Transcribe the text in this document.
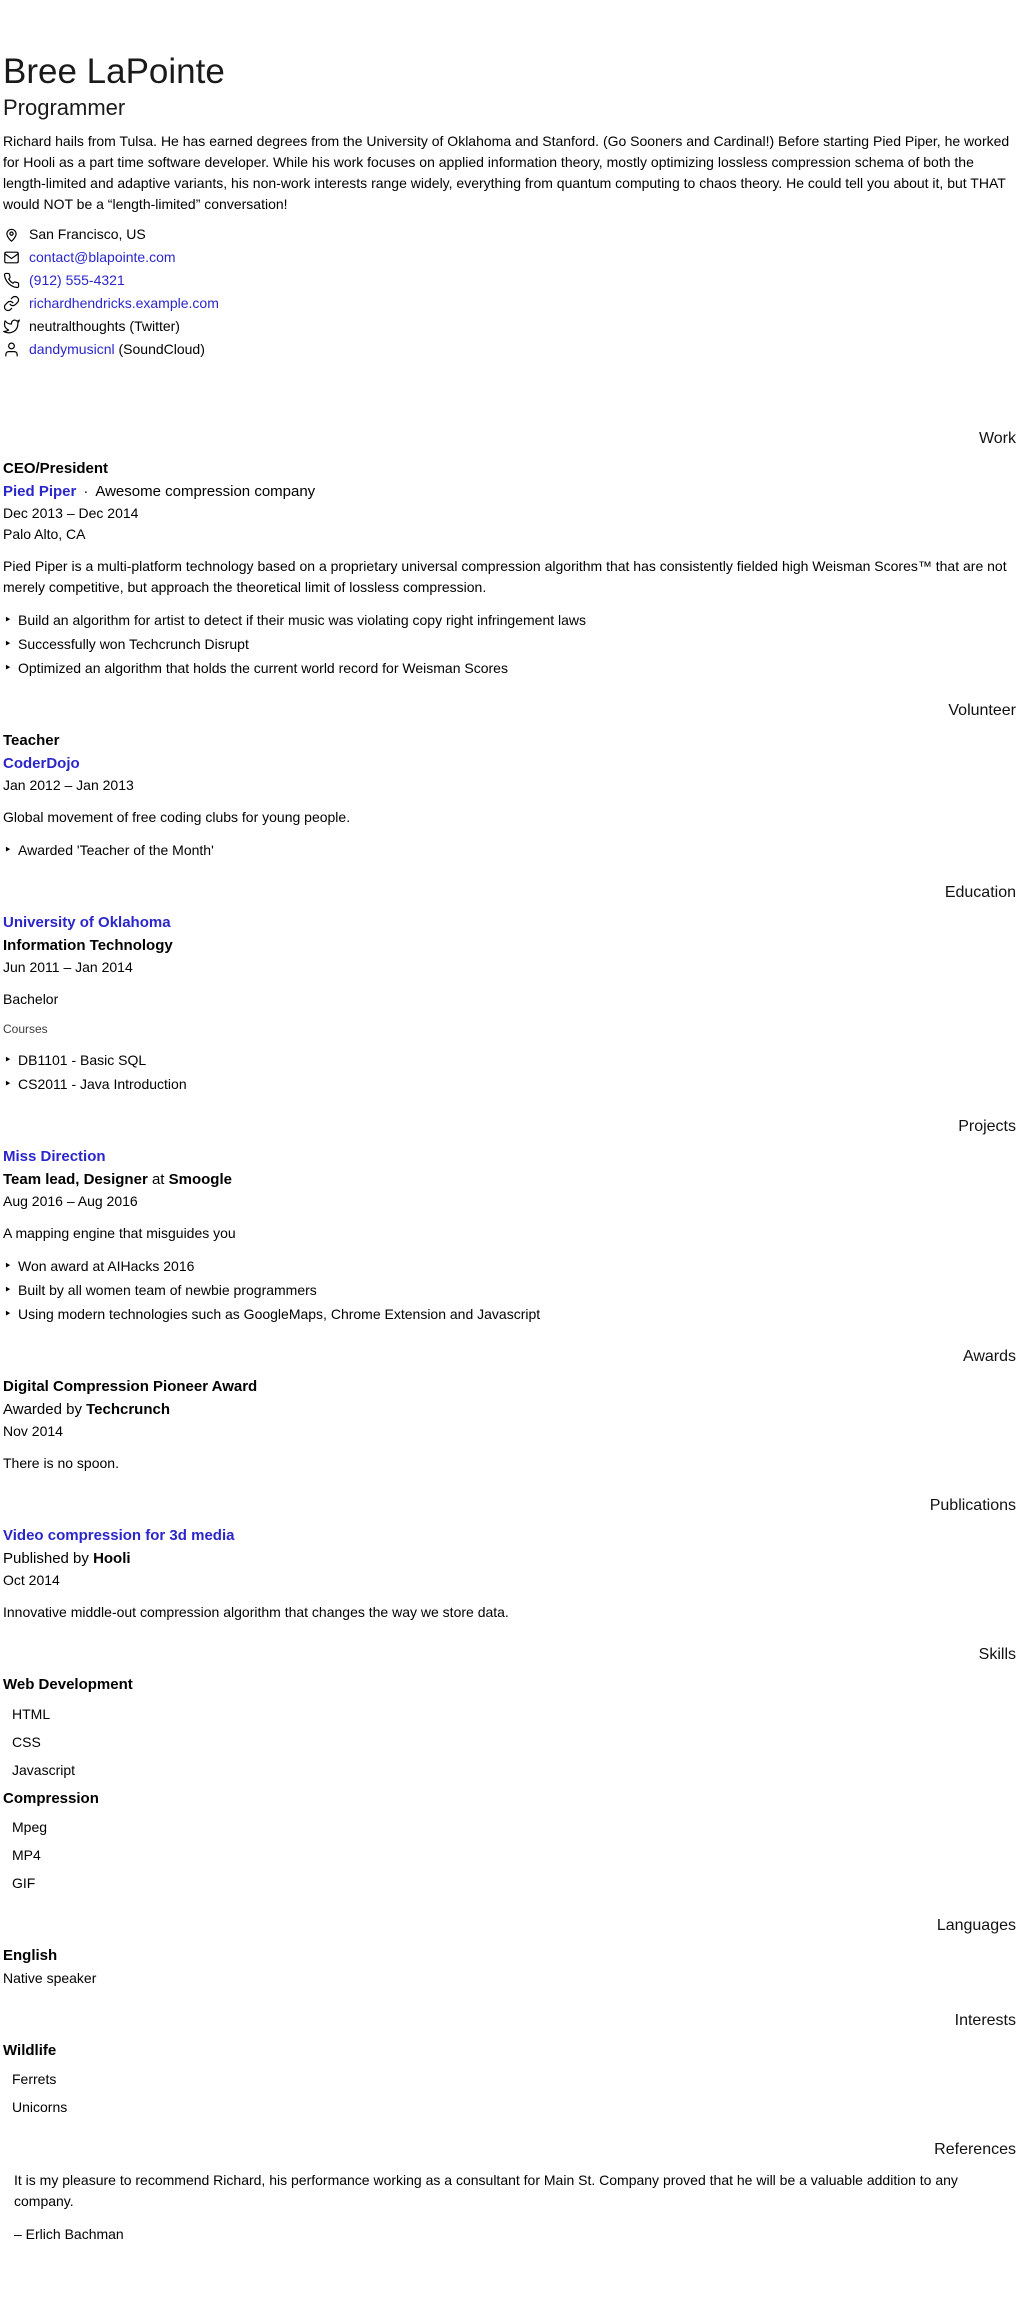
Bree LaPointe
Programmer

Richard hails from Tulsa. He has earned degrees from the University of Oklahoma and Stanford. (Go Sooners and Cardinal!) Before starting Pied Piper, he worked for Hooli as a part time software developer. While his work focuses on applied information theory, mostly optimizing lossless compression schema of both the length-limited and adaptive variants, his non-work interests range widely, everything from quantum computing to chaos theory. He could tell you about it, but THAT would NOT be a “length-limited” conversation!

San Francisco, US
contact@blapointe.com
(912) 555-4321
richardhendricks.example.com
neutralthoughts (Twitter)
dandymusicnl (SoundCloud)
Work
CEO/President
Pied Piper · Awesome compression company
Dec 2013 – Dec 2014
Palo Alto, CA

Pied Piper is a multi-platform technology based on a proprietary universal compression algorithm that has consistently fielded high Weisman Scores™ that are not merely competitive, but approach the theoretical limit of lossless compression.

‣ Build an algorithm for artist to detect if their music was violating copy right infringement laws
‣ Successfully won Techcrunch Disrupt
‣ Optimized an algorithm that holds the current world record for Weisman Scores
Volunteer
Teacher
CoderDojo
Jan 2012 – Jan 2013

Global movement of free coding clubs for young people.

‣ Awarded 'Teacher of the Month'
Education
University of Oklahoma
Information Technology
Jun 2011 – Jan 2014

Bachelor

Courses

‣ DB1101 - Basic SQL
‣ CS2011 - Java Introduction
Projects
Miss Direction
Team lead, Designer at Smoogle
Aug 2016 – Aug 2016

A mapping engine that misguides you

‣ Won award at AIHacks 2016
‣ Built by all women team of newbie programmers
‣ Using modern technologies such as GoogleMaps, Chrome Extension and Javascript
Awards
Digital Compression Pioneer Award
Awarded by Techcrunch
Nov 2014

There is no spoon.

Publications
Video compression for 3d media
Published by Hooli
Oct 2014

Innovative middle-out compression algorithm that changes the way we store data.

Skills
Web Development
HTML
CSS
Javascript
Compression
Mpeg
MP4
GIF
Languages
English

Native speaker

Interests
Wildlife
Ferrets
Unicorns
References
It is my pleasure to recommend Richard, his performance working as a consultant for Main St. Company proved that he will be a valuable addition to any company.

– Erlich Bachman
